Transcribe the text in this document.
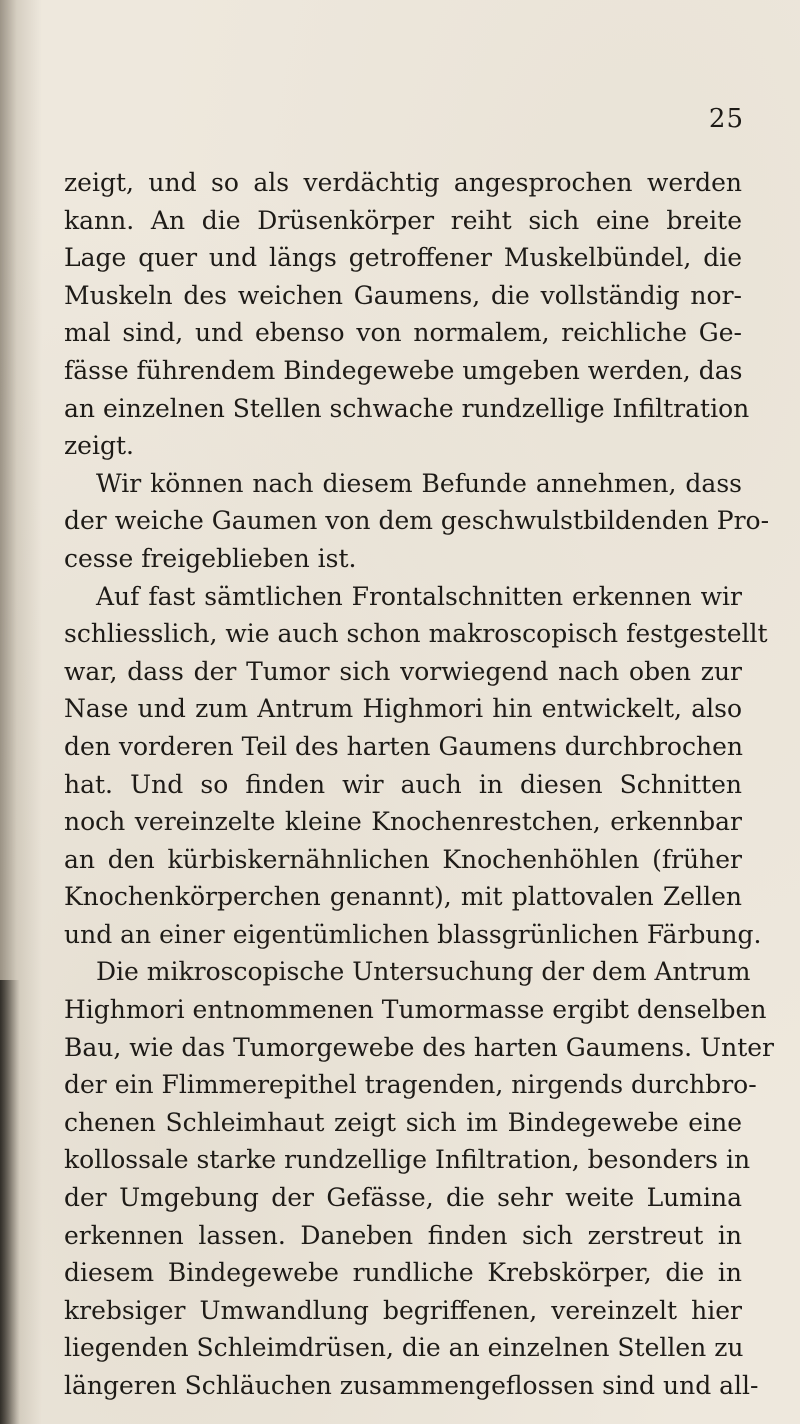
25

zeigt, und so als verdächtig angesprochen werden
kann. An die Drüsenkörper reiht sich eine breite
Lage quer und längs getroffener Muskelbündel, die
Muskeln des weichen Gaumens, die vollständig nor-
mal sind, und ebenso von normalem, reichliche Ge-
fässe führendem Bindegewebe umgeben werden, das
an einzelnen Stellen schwache rundzellige Infiltration
zeigt.
Wir können nach diesem Befunde annehmen, dass
der weiche Gaumen von dem geschwulstbildenden Pro-
cesse freigeblieben ist.
Auf fast sämtlichen Frontalschnitten erkennen wir
schliesslich, wie auch schon makroscopisch festgestellt
war, dass der Tumor sich vorwiegend nach oben zur
Nase und zum Antrum Highmori hin entwickelt, also
den vorderen Teil des harten Gaumens durchbrochen
hat. Und so finden wir auch in diesen Schnitten
noch vereinzelte kleine Knochenrestchen, erkennbar
an den kürbiskernähnlichen Knochenhöhlen (früher
Knochenkörperchen genannt), mit plattovalen Zellen
und an einer eigentümlichen blassgrünlichen Färbung.
Die mikroscopische Untersuchung der dem Antrum
Highmori entnommenen Tumormasse ergibt denselben
Bau, wie das Tumorgewebe des harten Gaumens. Unter
der ein Flimmerepithel tragenden, nirgends durchbro-
chenen Schleimhaut zeigt sich im Bindegewebe eine
kollossale starke rundzellige Infiltration, besonders in
der Umgebung der Gefässe, die sehr weite Lumina
erkennen lassen. Daneben finden sich zerstreut in
diesem Bindegewebe rundliche Krebskörper, die in
krebsiger Umwandlung begriffenen, vereinzelt hier
liegenden Schleimdrüsen, die an einzelnen Stellen zu
längeren Schläuchen zusammengeflossen sind und all-
